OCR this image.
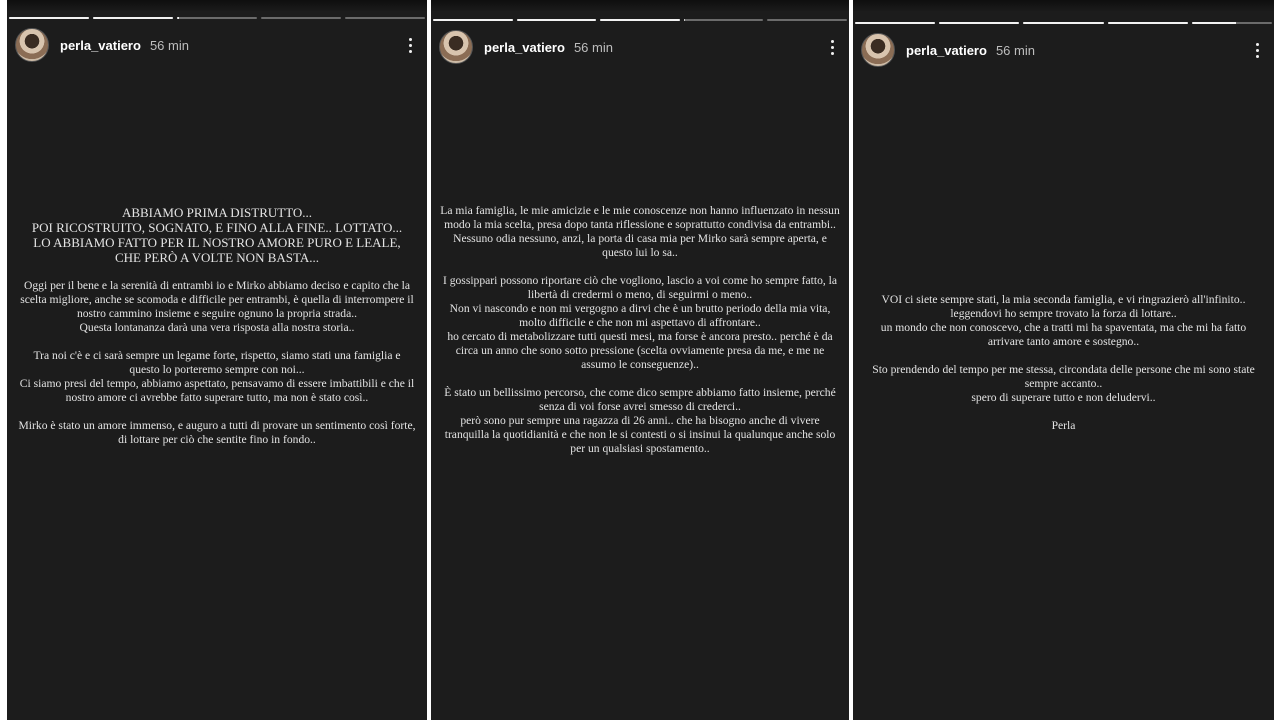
perla_vatiero 56 min

ABBIAMO PRIMA DISTRUTTO...
POI RICOSTRUITO, SOGNATO, E FINO ALLA FINE.. LOTTATO...
LO ABBIAMO FATTO PER IL NOSTRO AMORE PURO E LEALE,
CHE PERÒ A VOLTE NON BASTA...

Oggi per il bene e la serenità di entrambi io e Mirko abbiamo deciso e capito che la scelta migliore, anche se scomoda e difficile per entrambi, è quella di interrompere il nostro cammino insieme e seguire ognuno la propria strada..
Questa lontananza darà una vera risposta alla nostra storia..

Tra noi c'è e ci sarà sempre un legame forte, rispetto, siamo stati una famiglia e questo lo porteremo sempre con noi...
Ci siamo presi del tempo, abbiamo aspettato, pensavamo di essere imbattibili e che il nostro amore ci avrebbe fatto superare tutto, ma non è stato così..

Mirko è stato un amore immenso, e auguro a tutti di provare un sentimento così forte, di lottare per ciò che sentite fino in fondo..

perla_vatiero 56 min

La mia famiglia, le mie amicizie e le mie conoscenze non hanno influenzato in nessun modo la mia scelta, presa dopo tanta riflessione e soprattutto condivisa da entrambi..
Nessuno odia nessuno, anzi, la porta di casa mia per Mirko sarà sempre aperta, e questo lui lo sa..

I gossippari possono riportare ciò che vogliono, lascio a voi come ho sempre fatto, la libertà di credermi o meno, di seguirmi o meno..
Non vi nascondo e non mi vergogno a dirvi che è un brutto periodo della mia vita, molto difficile e che non mi aspettavo di affrontare..
ho cercato di metabolizzare tutti questi mesi, ma forse è ancora presto.. perché è da circa un anno che sono sotto pressione (scelta ovviamente presa da me, e me ne assumo le conseguenze)..

È stato un bellissimo percorso, che come dico sempre abbiamo fatto insieme, perché senza di voi forse avrei smesso di crederci..
però sono pur sempre una ragazza di 26 anni.. che ha bisogno anche di vivere tranquilla la quotidianità e che non le si contesti o si insinui la qualunque anche solo per un qualsiasi spostamento..

perla_vatiero 56 min

VOI ci siete sempre stati, la mia seconda famiglia, e vi ringrazierò all'infinito.. leggendovi ho sempre trovato la forza di lottare..
un mondo che non conoscevo, che a tratti mi ha spaventata, ma che mi ha fatto arrivare tanto amore e sostegno..

Sto prendendo del tempo per me stessa, circondata delle persone che mi sono state sempre accanto..
spero di superare tutto e non deludervi..

Perla
